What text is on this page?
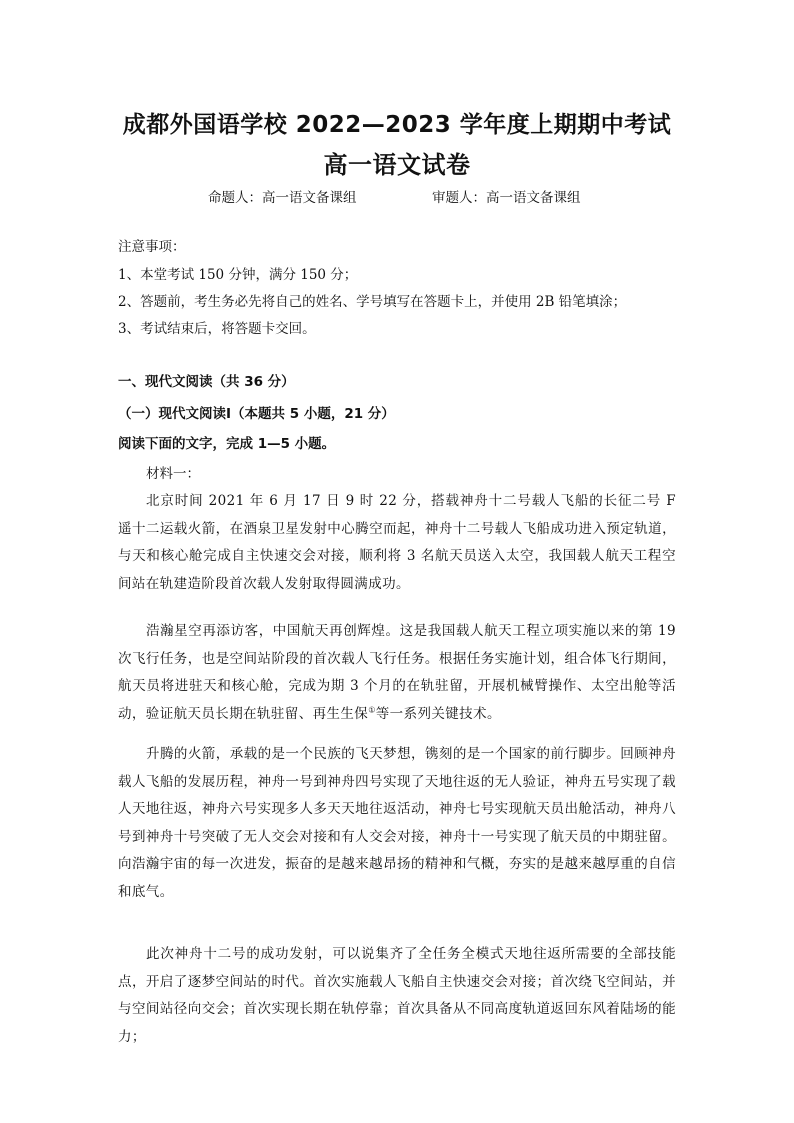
成都外国语学校 2022—2023 学年度上期期中考试
高一语文试卷
命题人：高一语文备课组	审题人：高一语文备课组
注意事项：
1、本堂考试 150 分钟，满分 150 分；
2、答题前，考生务必先将自己的姓名、学号填写在答题卡上，并使用 2B 铅笔填涂；
3、考试结束后，将答题卡交回。
一、现代文阅读（共 36 分）
（一）现代文阅读Ⅰ（本题共 5 小题，21 分）
阅读下面的文字，完成 1—5 小题。
材料一：
北京时间 2021 年 6 月 17 日 9 时 22 分，搭载神舟十二号载人飞船的长征二号 F 遥十二运载火箭，在酒泉卫星发射中心腾空而起，神舟十二号载人飞船成功进入预定轨道，与天和核心舱完成自主快速交会对接，顺利将 3 名航天员送入太空，我国载人航天工程空间站在轨建造阶段首次载人发射取得圆满成功。
浩瀚星空再添访客，中国航天再创辉煌。这是我国载人航天工程立项实施以来的第 19 次飞行任务，也是空间站阶段的首次载人飞行任务。根据任务实施计划，组合体飞行期间，航天员将进驻天和核心舱，完成为期 3 个月的在轨驻留，开展机械臂操作、太空出舱等活动，验证航天员长期在轨驻留、再生生保①等一系列关键技术。
升腾的火箭，承载的是一个民族的飞天梦想，镌刻的是一个国家的前行脚步。回顾神舟载人飞船的发展历程，神舟一号到神舟四号实现了天地往返的无人验证，神舟五号实现了载人天地往返，神舟六号实现多人多天天地往返活动，神舟七号实现航天员出舱活动，神舟八号到神舟十号突破了无人交会对接和有人交会对接，神舟十一号实现了航天员的中期驻留。向浩瀚宇宙的每一次进发，振奋的是越来越昂扬的精神和气概，夯实的是越来越厚重的自信和底气。
此次神舟十二号的成功发射，可以说集齐了全任务全模式天地往返所需要的全部技能点，开启了逐梦空间站的时代。首次实施载人飞船自主快速交会对接；首次绕飞空间站，并与空间站径向交会；首次实现长期在轨停靠；首次具备从不同高度轨道返回东风着陆场的能力；
